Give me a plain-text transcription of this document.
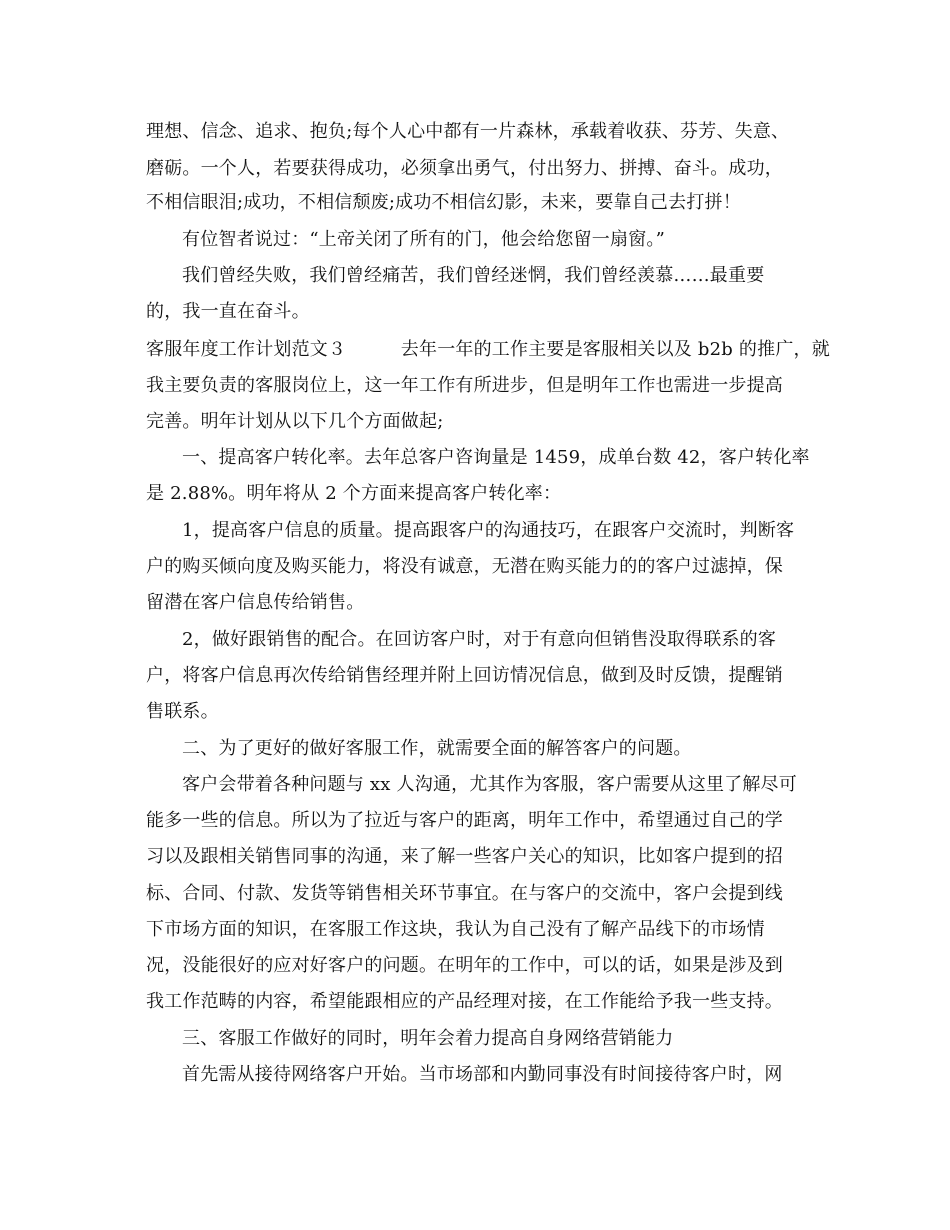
理想、信念、追求、抱负;每个人心中都有一片森林，承载着收获、芬芳、失意、
磨砺。一个人，若要获得成功，必须拿出勇气，付出努力、拼搏、奋斗。成功，
不相信眼泪;成功，不相信颓废;成功不相信幻影，未来，要靠自己去打拼！
有位智者说过：“上帝关闭了所有的门，他会给您留一扇窗。”
我们曾经失败，我们曾经痛苦，我们曾经迷惘，我们曾经羡慕……最重要
的，我一直在奋斗。
客服年度工作计划范文３　　　去年一年的工作主要是客服相关以及 b2b 的推广，就
我主要负责的客服岗位上，这一年工作有所进步，但是明年工作也需进一步提高
完善。明年计划从以下几个方面做起;
一、提高客户转化率。去年总客户咨询量是 1459，成单台数 42，客户转化率
是 2.88%。明年将从 2 个方面来提高客户转化率：
1，提高客户信息的质量。提高跟客户的沟通技巧，在跟客户交流时，判断客
户的购买倾向度及购买能力，将没有诚意，无潜在购买能力的的客户过滤掉，保
留潜在客户信息传给销售。
2，做好跟销售的配合。在回访客户时，对于有意向但销售没取得联系的客
户，将客户信息再次传给销售经理并附上回访情况信息，做到及时反馈，提醒销
售联系。
二、为了更好的做好客服工作，就需要全面的解答客户的问题。
客户会带着各种问题与 xx 人沟通，尤其作为客服，客户需要从这里了解尽可
能多一些的信息。所以为了拉近与客户的距离，明年工作中，希望通过自己的学
习以及跟相关销售同事的沟通，来了解一些客户关心的知识，比如客户提到的招
标、合同、付款、发货等销售相关环节事宜。在与客户的交流中，客户会提到线
下市场方面的知识，在客服工作这块，我认为自己没有了解产品线下的市场情
况，没能很好的应对好客户的问题。在明年的工作中，可以的话，如果是涉及到
我工作范畴的内容，希望能跟相应的产品经理对接，在工作能给予我一些支持。
三、客服工作做好的同时，明年会着力提高自身网络营销能力
首先需从接待网络客户开始。当市场部和内勤同事没有时间接待客户时，网
